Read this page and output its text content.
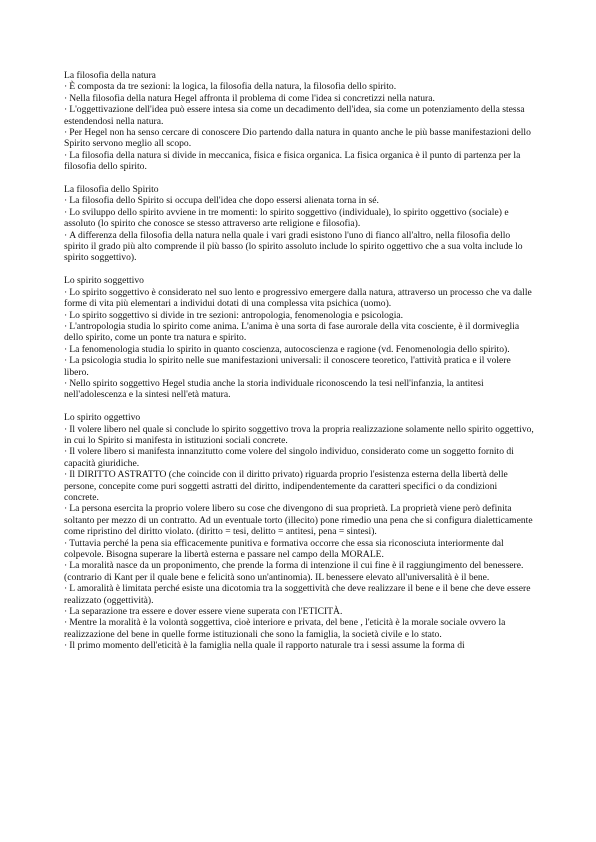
La filosofia della natura

· È composta da tre sezioni: la logica, la filosofia della natura, la filosofia dello spirito.

· Nella filosofia della natura Hegel affronta il problema di come l'idea si concretizzi nella natura.

· L'oggettivazione dell'idea può essere intesa sia come un decadimento dell'idea, sia come un potenziamento della stessa estendendosi nella natura.

· Per Hegel non ha senso cercare di conoscere Dio partendo dalla natura in quanto anche le più basse manifestazioni dello Spirito servono meglio all scopo.

· La filosofia della natura si divide in meccanica, fisica e fisica organica. La fisica organica è il punto di partenza per la filosofia dello spirito.

La filosofia dello Spirito

· La filosofia dello Spirito si occupa dell'idea che dopo essersi alienata torna in sé.

· Lo sviluppo dello spirito avviene in tre momenti: lo spirito soggettivo (individuale), lo spirito oggettivo (sociale) e assoluto (lo spirito che conosce se stesso attraverso arte religione e filosofia).

· A differenza della filosofia della natura nella quale i vari gradi esistono l'uno di fianco all'altro, nella filosofia dello spirito il grado più alto comprende il più basso (lo spirito assoluto include lo spirito oggettivo che a sua volta include lo spirito soggettivo).

Lo spirito soggettivo

· Lo spirito soggettivo è considerato nel suo lento e progressivo emergere dalla natura, attraverso un processo che va dalle forme di vita più elementari a individui dotati di una complessa vita psichica (uomo).

· Lo spirito soggettivo si divide in tre sezioni: antropologia, fenomenologia e psicologia.

· L'antropologia studia lo spirito come anima. L'anima è una sorta di fase aurorale della vita cosciente, è il dormiveglia dello spirito, come un ponte tra natura e spirito.

· La fenomenologia studia lo spirito in quanto coscienza, autocoscienza e ragione (vd. Fenomenologia dello spirito).

· La psicologia studia lo spirito nelle sue manifestazioni universali: il conoscere teoretico, l'attività pratica e il volere libero.

· Nello spirito soggettivo Hegel studia anche la storia individuale riconoscendo la tesi nell'infanzia, la antitesi nell'adolescenza e la sintesi nell'età matura.

Lo spirito oggettivo

· Il volere libero nel quale si conclude lo spirito soggettivo trova la propria realizzazione solamente nello spirito oggettivo, in cui lo Spirito si manifesta in istituzioni sociali concrete.

· Il volere libero si manifesta innanzitutto come volere del singolo individuo, considerato come un soggetto fornito di capacità giuridiche.

· Il DIRITTO ASTRATTO (che coincide con il diritto privato) riguarda proprio l'esistenza esterna della libertà delle persone, concepite come puri soggetti astratti del diritto, indipendentemente da caratteri specifici o da condizioni concrete.

· La persona esercita la proprio volere libero su cose che divengono di sua proprietà. La proprietà viene però definita soltanto per mezzo di un contratto. Ad un eventuale torto (illecito) pone rimedio una pena che si configura dialetticamente come ripristino del diritto violato. (diritto = tesi, delitto = antitesi, pena = sintesi).

· Tuttavia perché la pena sia efficacemente punitiva e formativa occorre che essa sia riconosciuta interiormente dal colpevole. Bisogna superare la libertà esterna e passare nel campo della MORALE.

· La moralità nasce da un proponimento, che prende la forma di intenzione il cui fine è il raggiungimento del benessere. (contrario di Kant per il quale bene e felicità sono un'antinomia). IL benessere elevato all'universalità è il bene.

· L amoralità è limitata perché esiste una dicotomia tra la soggettività che deve realizzare il bene e il bene che deve essere realizzato (oggettività).

· La separazione tra essere e dover essere viene superata con l'ETICITÀ.

· Mentre la moralità è la volontà soggettiva, cioè interiore e privata, del bene , l'eticità è la morale sociale ovvero la realizzazione del bene in quelle forme istituzionali che sono la famiglia, la società civile e lo stato.

· Il primo momento dell'eticità è la famiglia nella quale il rapporto naturale tra i sessi assume la forma di
